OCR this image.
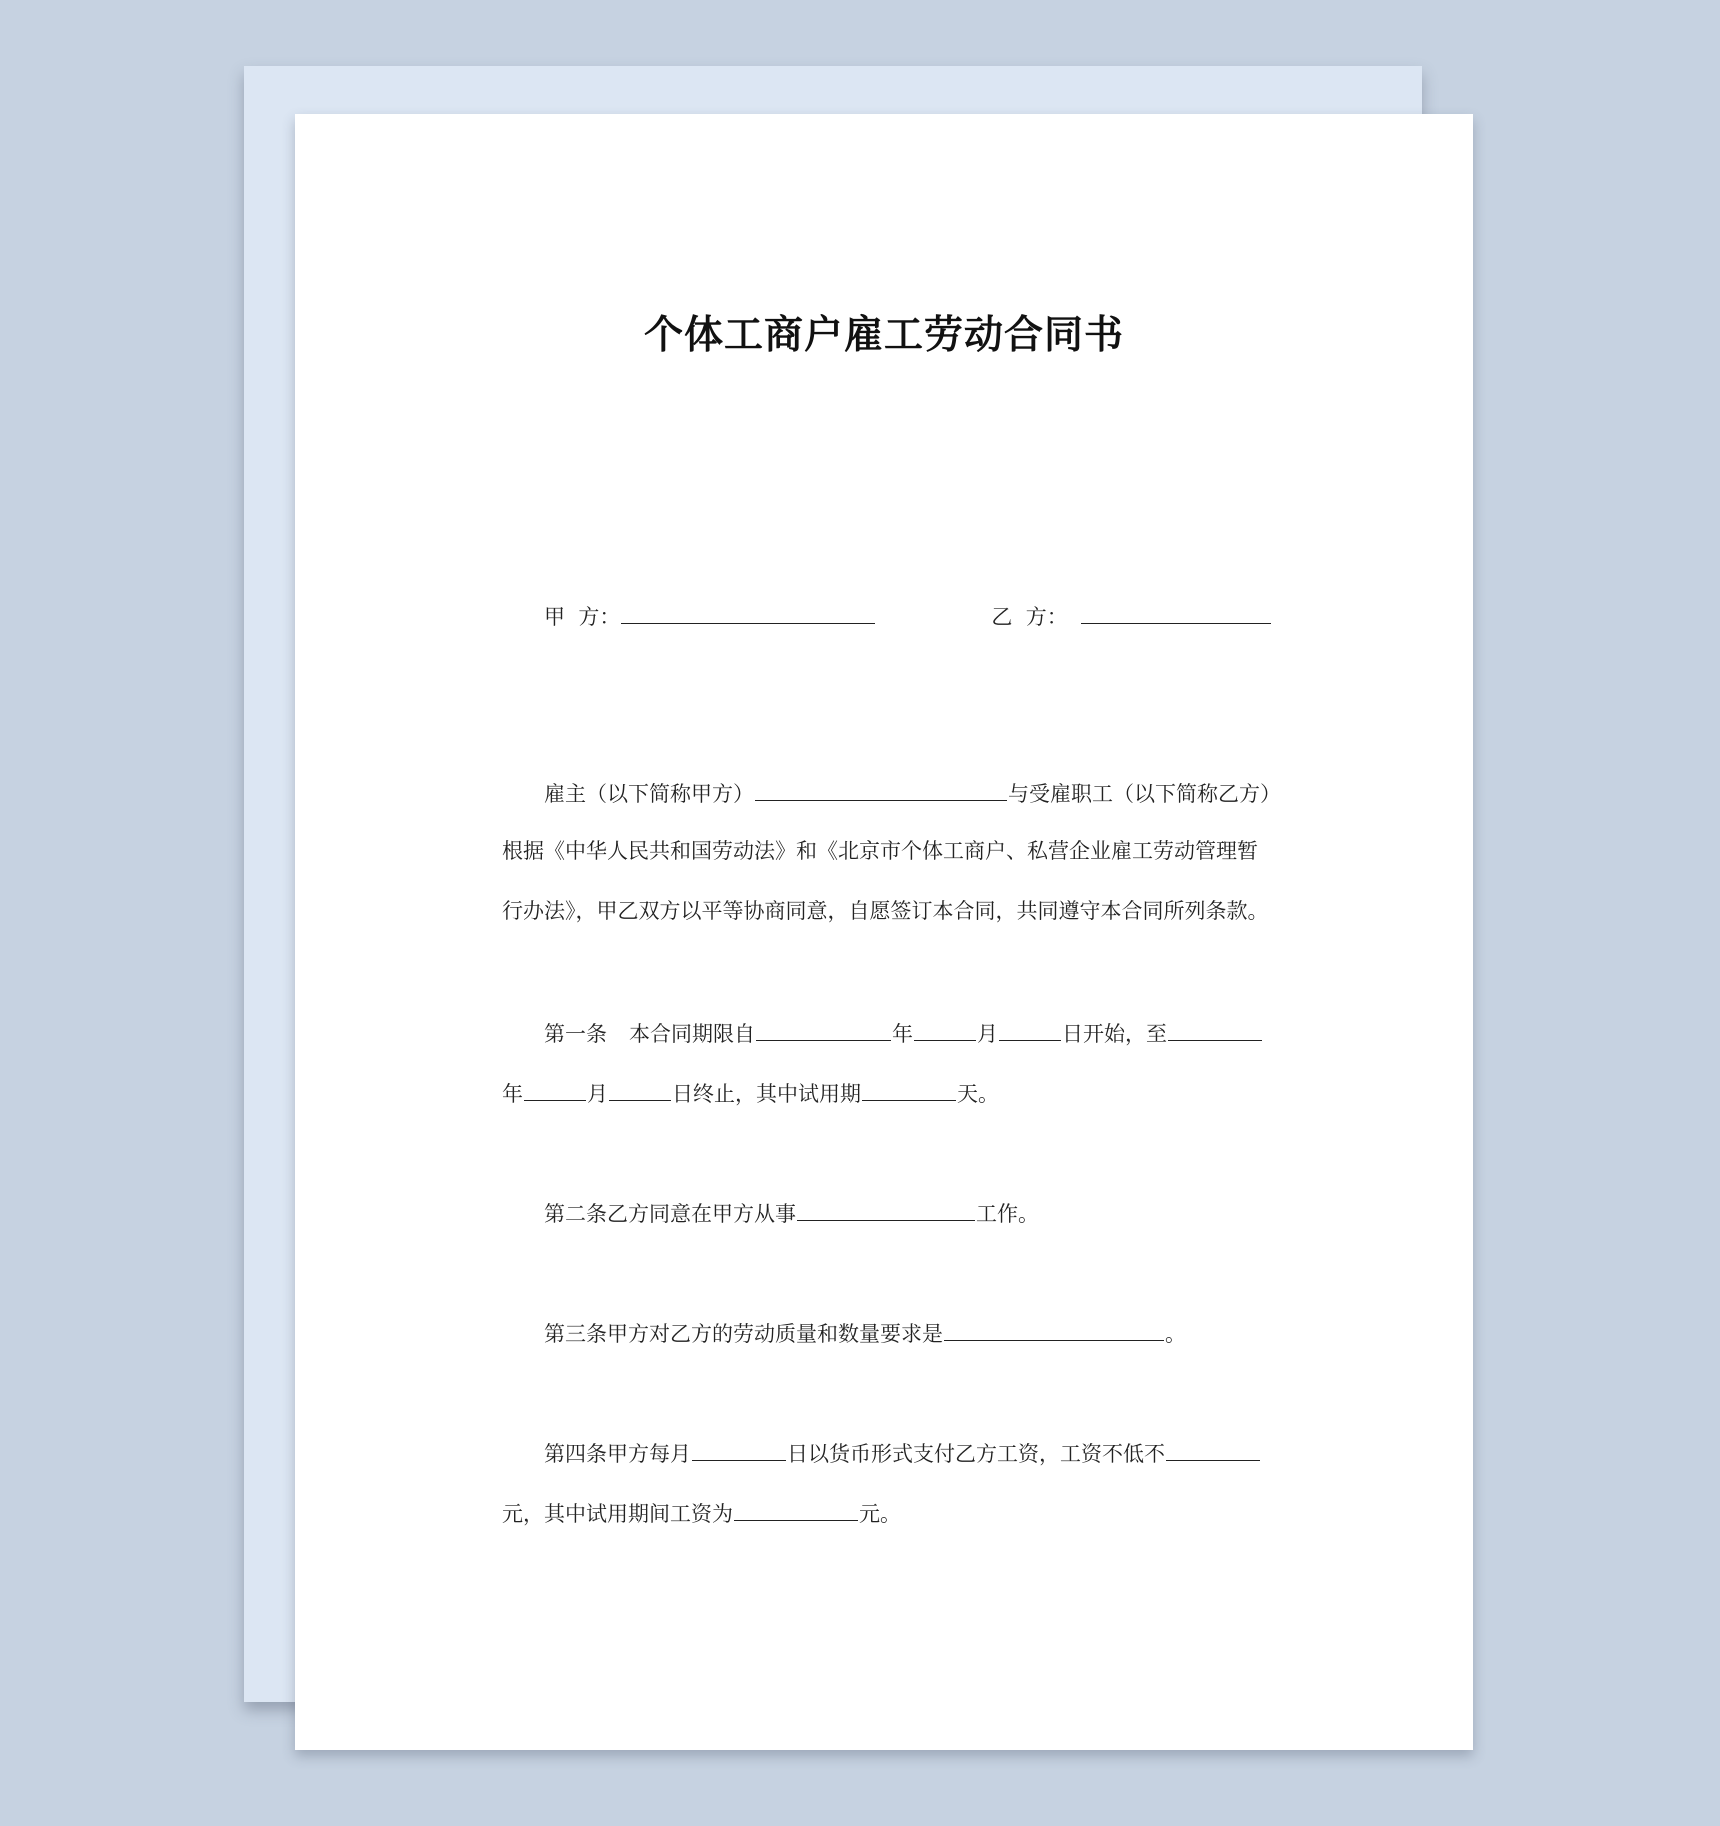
个体工商户雇工劳动合同书
甲  方：	乙  方：
雇主（以下简称甲方）	与受雇职工（以下简称乙方）
根据《中华人民共和国劳动法》和《北京市个体工商户、私营企业雇工劳动管理暂
行办法》，甲乙双方以平等协商同意，自愿签订本合同，共同遵守本合同所列条款。
第一条 本合同期限自	年	月	日开始，至
年	月	日终止，其中试用期	天。
第二条乙方同意在甲方从事	工作。
第三条甲方对乙方的劳动质量和数量要求是	。
第四条甲方每月	日以货币形式支付乙方工资，工资不低不
元，其中试用期间工资为	元。
